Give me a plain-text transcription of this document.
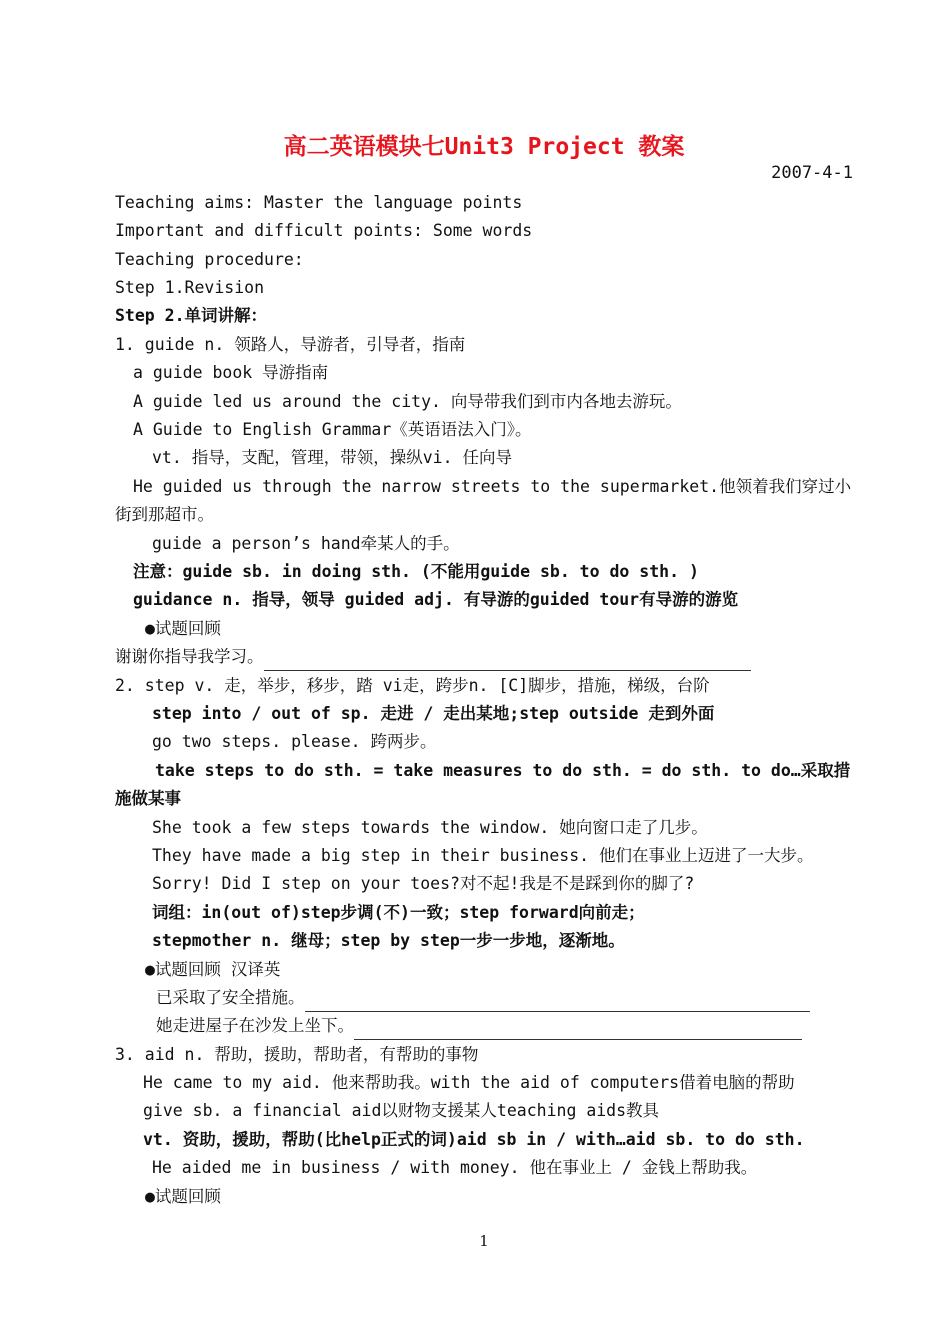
高二英语模块七Unit3 Project 教案
2007-4-1
Teaching aims: Master the language points
Important and difficult points: Some words
Teaching procedure:
Step 1.Revision
Step 2.单词讲解：
1. guide n. 领路人，导游者，引导者，指南
a guide book 导游指南
A guide led us around the city. 向导带我们到市内各地去游玩。
A Guide to English Grammar《英语语法入门》。
vt. 指导，支配，管理，带领，操纵vi. 任向导
He guided us through the narrow streets to the supermarket.他领着我们穿过小
街到那超市。
guide a person’s hand牵某人的手。
注意：guide sb. in doing sth. (不能用guide sb. to do sth. )
guidance n. 指导，领导 guided adj. 有导游的guided tour有导游的游览
●试题回顾
谢谢你指导我学习。
2. step v. 走，举步，移步，踏 vi走，跨步n. [C]脚步，措施，梯级，台阶
step into / out of sp. 走进 / 走出某地;step outside 走到外面
go two steps. please. 跨两步。
take steps to do sth. = take measures to do sth. = do sth. to do…采取措
施做某事
She took a few steps towards the window. 她向窗口走了几步。
They have made a big step in their business. 他们在事业上迈进了一大步。
Sorry! Did I step on your toes?对不起!我是不是踩到你的脚了?
词组：in(out of)step步调(不)一致；step forward向前走；
stepmother n. 继母；step by step一步一步地，逐渐地。
●试题回顾 汉译英
已采取了安全措施。
她走进屋子在沙发上坐下。
3. aid n. 帮助，援助，帮助者，有帮助的事物
He came to my aid. 他来帮助我。with the aid of computers借着电脑的帮助
give sb. a financial aid以财物支援某人teaching aids教具
vt. 资助，援助，帮助(比help正式的词)aid sb in / with…aid sb. to do sth.
He aided me in business / with money. 他在事业上 / 金钱上帮助我。
●试题回顾
1
